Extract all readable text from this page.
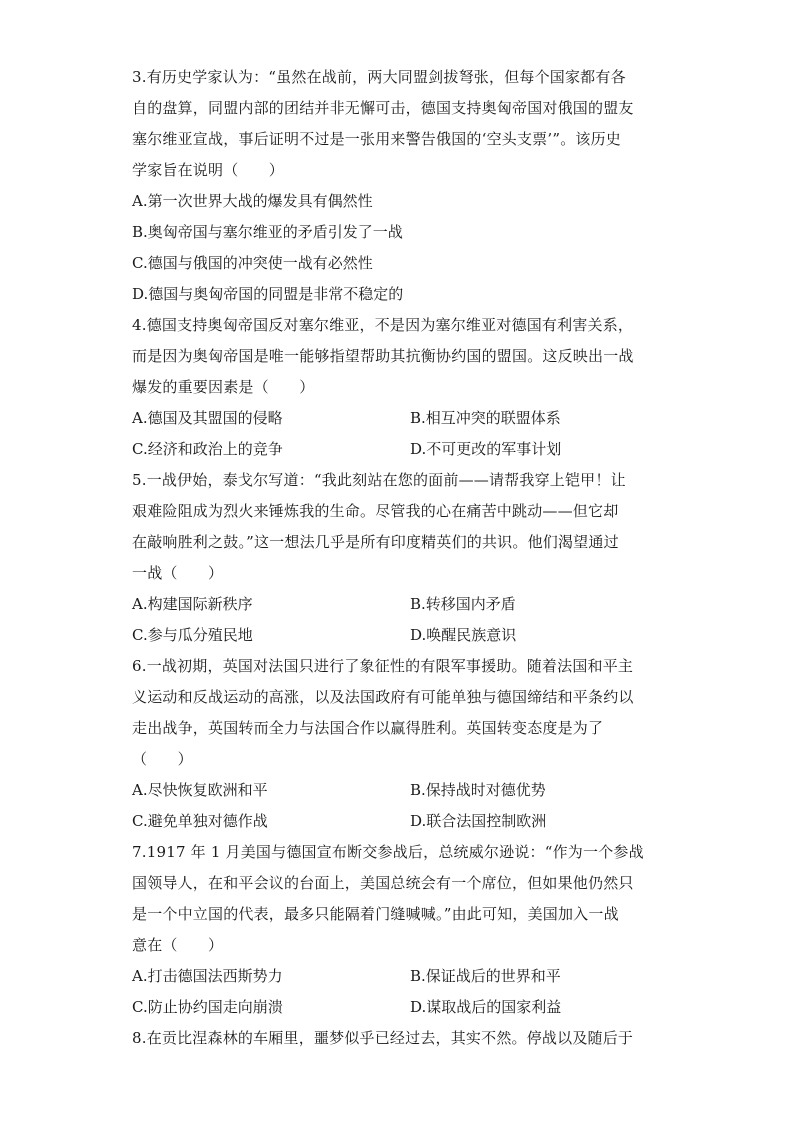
3.有历史学家认为：“虽然在战前，两大同盟剑拔弩张，但每个国家都有各
自的盘算，同盟内部的团结并非无懈可击，德国支持奥匈帝国对俄国的盟友
塞尔维亚宣战，事后证明不过是一张用来警告俄国的‘空头支票’”。该历史
学家旨在说明（　　）
A.第一次世界大战的爆发具有偶然性
B.奥匈帝国与塞尔维亚的矛盾引发了一战
C.德国与俄国的冲突使一战有必然性
D.德国与奥匈帝国的同盟是非常不稳定的
4.德国支持奥匈帝国反对塞尔维亚，不是因为塞尔维亚对德国有利害关系，
而是因为奥匈帝国是唯一能够指望帮助其抗衡协约国的盟国。这反映出一战
爆发的重要因素是（　　）
A.德国及其盟国的侵略	B.相互冲突的联盟体系
C.经济和政治上的竞争	D.不可更改的军事计划
5.一战伊始，泰戈尔写道：“我此刻站在您的面前——请帮我穿上铠甲！让
艰难险阻成为烈火来锤炼我的生命。尽管我的心在痛苦中跳动——但它却
在敲响胜利之鼓。”这一想法几乎是所有印度精英们的共识。他们渴望通过
一战（　　）
A.构建国际新秩序	B.转移国内矛盾
C.参与瓜分殖民地	D.唤醒民族意识
6.一战初期，英国对法国只进行了象征性的有限军事援助。随着法国和平主
义运动和反战运动的高涨，以及法国政府有可能单独与德国缔结和平条约以
走出战争，英国转而全力与法国合作以赢得胜利。英国转变态度是为了
（　　）
A.尽快恢复欧洲和平	B.保持战时对德优势
C.避免单独对德作战	D.联合法国控制欧洲
7.1917 年 1 月美国与德国宣布断交参战后，总统威尔逊说：“作为一个参战
国领导人，在和平会议的台面上，美国总统会有一个席位，但如果他仍然只
是一个中立国的代表，最多只能隔着门缝喊喊。”由此可知，美国加入一战
意在（　　）
A.打击德国法西斯势力	B.保证战后的世界和平
C.防止协约国走向崩溃	D.谋取战后的国家利益
8.在贡比涅森林的车厢里，噩梦似乎已经过去，其实不然。停战以及随后于
